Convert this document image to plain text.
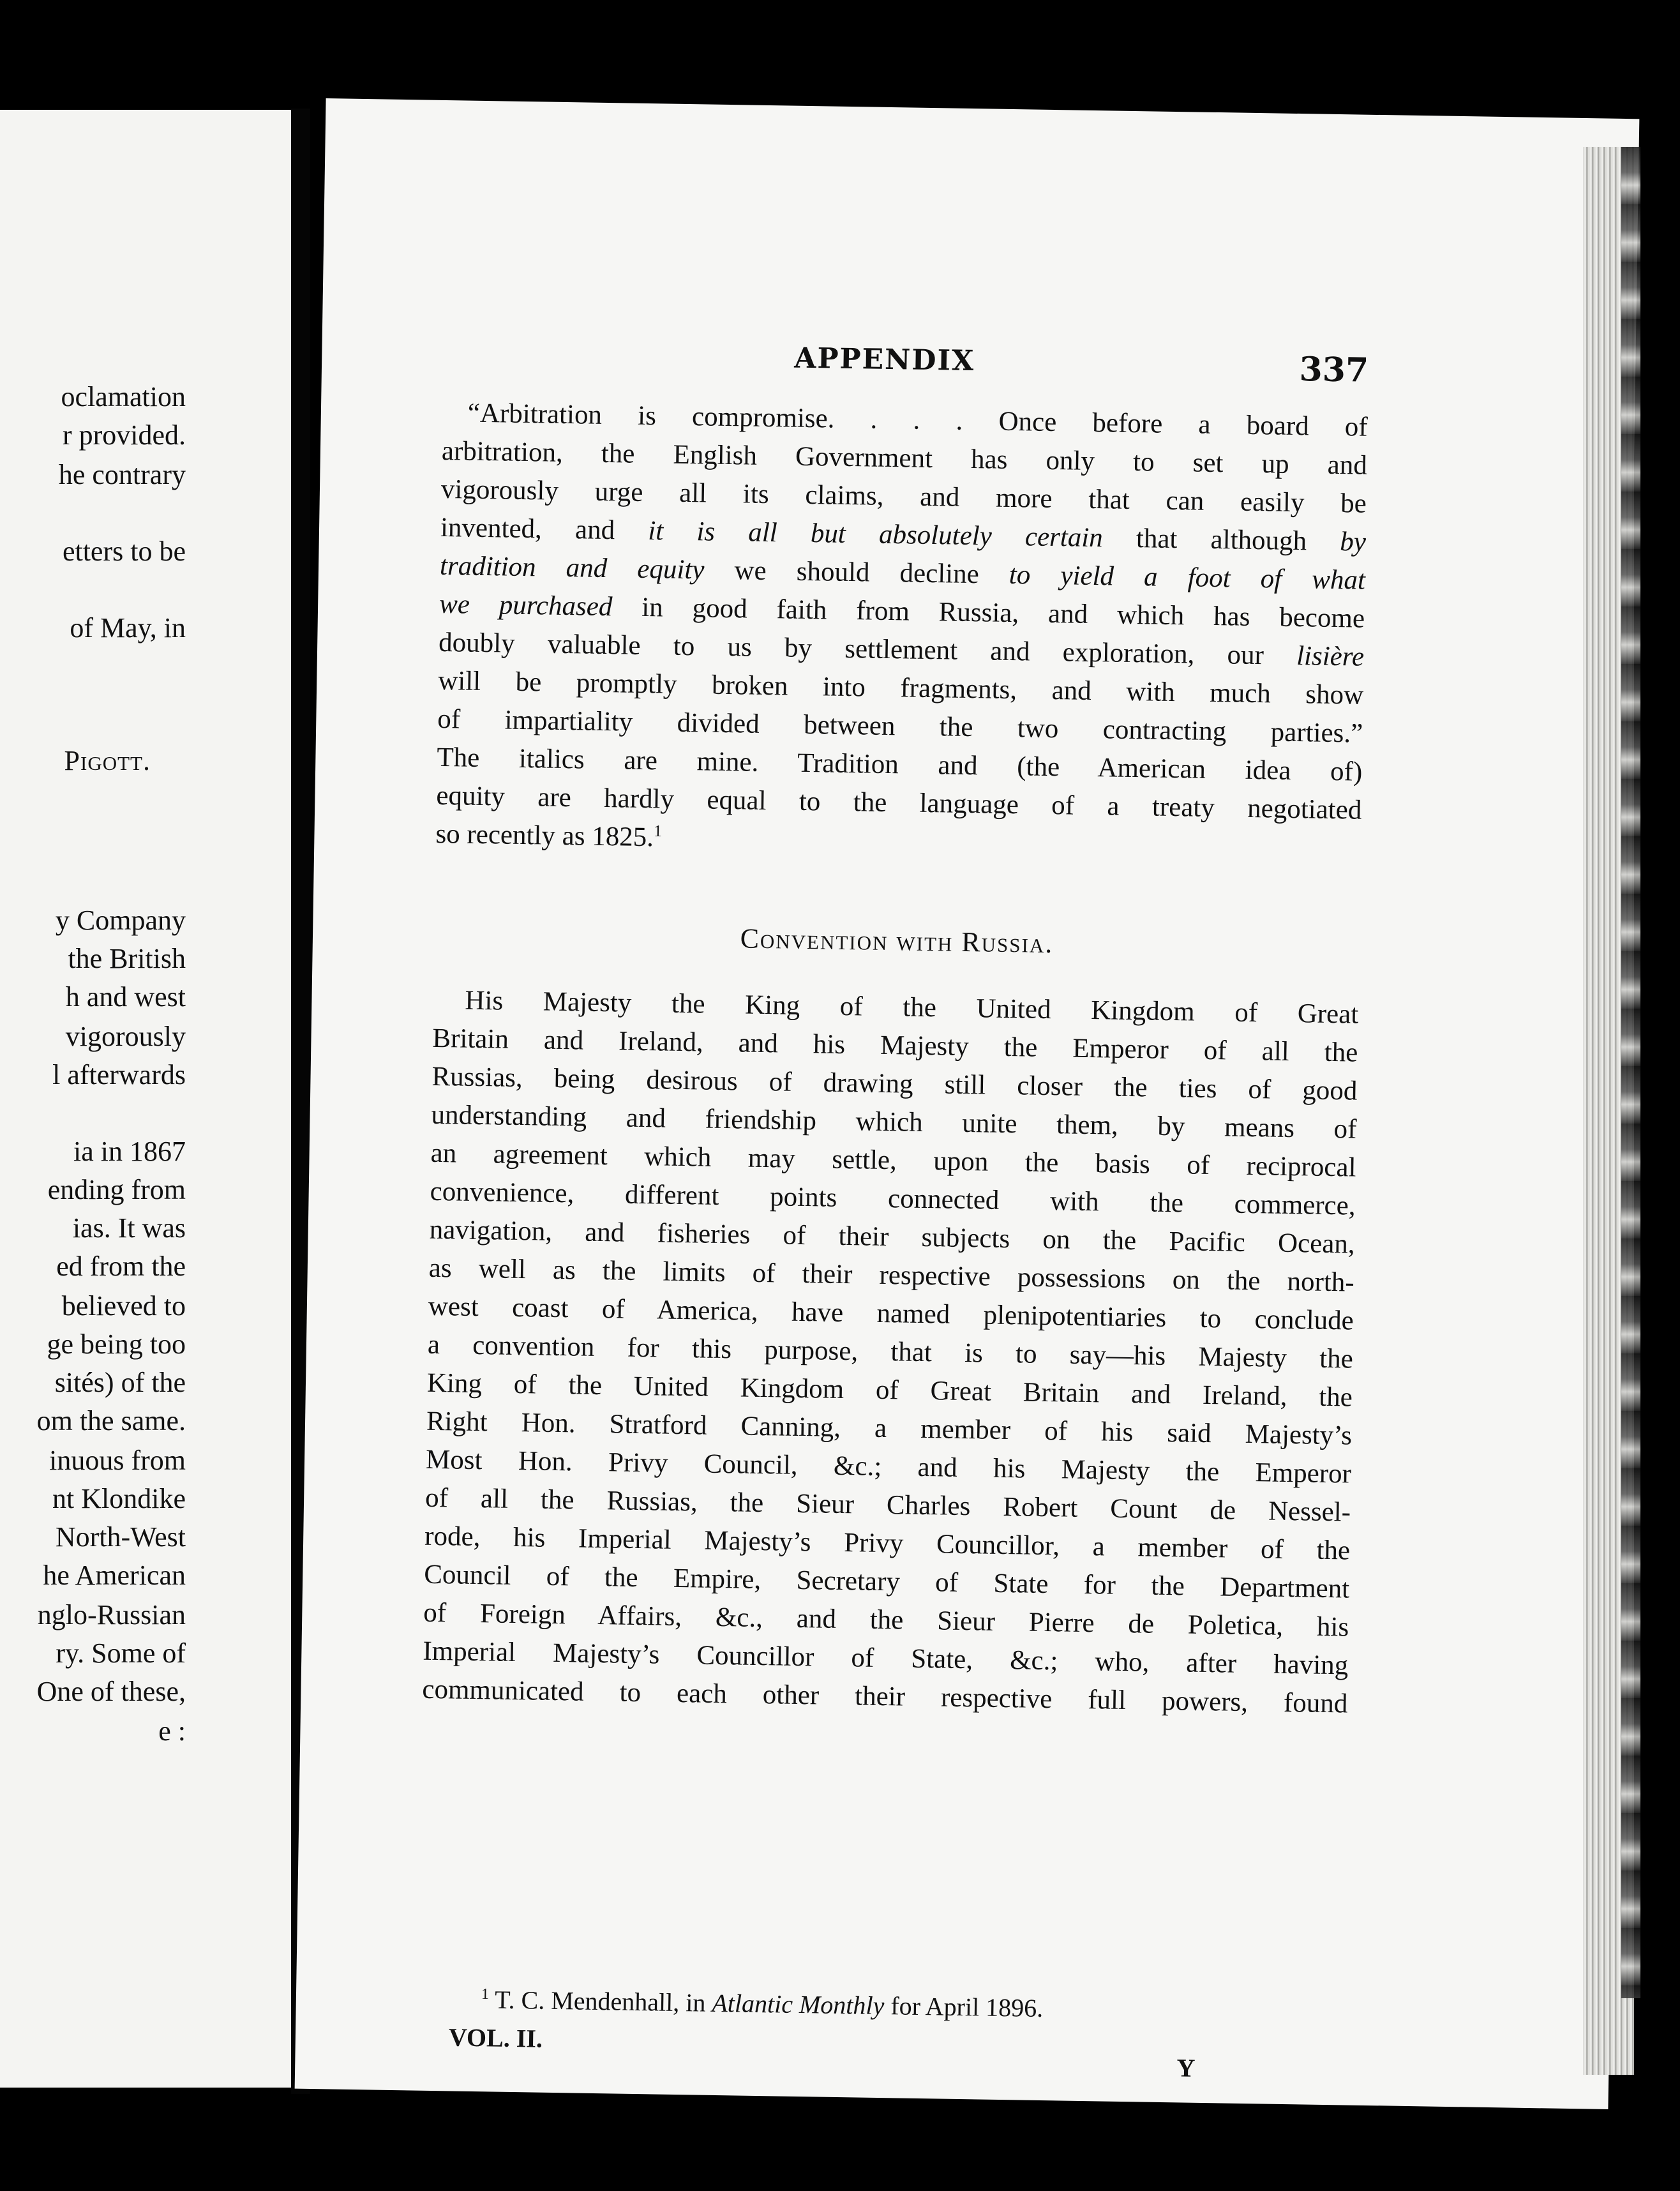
oclamation
r provided.
he contrary
etters to be
of May, in
Pigott.
y Company
the British
h and west
vigorously
l afterwards
ia in 1867
ending from
ias. It was
ed from the
believed to
ge being too
sités) of the
om the same.
inuous from
nt Klondike
North-West
he American
nglo-Russian
ry. Some of
One of these,
e :
APPENDIX	337
“Arbitration is compromise. . . . Once before a board of
arbitration, the English Government has only to set up and
vigorously urge all its claims, and more that can easily be
invented, and it is all but absolutely certain that although by
tradition and equity we should decline to yield a foot of what
we purchased in good faith from Russia, and which has become
doubly valuable to us by settlement and exploration, our lisière
will be promptly broken into fragments, and with much show
of impartiality divided between the two contracting parties.”
The italics are mine. Tradition and (the American idea of)
equity are hardly equal to the language of a treaty negotiated
so recently as 1825.$^1$
Convention with Russia.
His Majesty the King of the United Kingdom of Great
Britain and Ireland, and his Majesty the Emperor of all the
Russias, being desirous of drawing still closer the ties of good
understanding and friendship which unite them, by means of
an agreement which may settle, upon the basis of reciprocal
convenience, different points connected with the commerce,
navigation, and fisheries of their subjects on the Pacific Ocean,
as well as the limits of their respective possessions on the north-
west coast of America, have named plenipotentiaries to conclude
a convention for this purpose, that is to say—his Majesty the
King of the United Kingdom of Great Britain and Ireland, the
Right Hon. Stratford Canning, a member of his said Majesty’s
Most Hon. Privy Council, &c.; and his Majesty the Emperor
of all the Russias, the Sieur Charles Robert Count de Nessel-
rode, his Imperial Majesty’s Privy Councillor, a member of the
Council of the Empire, Secretary of State for the Department
of Foreign Affairs, &c., and the Sieur Pierre de Poletica, his
Imperial Majesty’s Councillor of State, &c.; who, after having
communicated to each other their respective full powers, found
$^1$ T. C. Mendenhall, in Atlantic Monthly for April 1896.
VOL. II.
Y
